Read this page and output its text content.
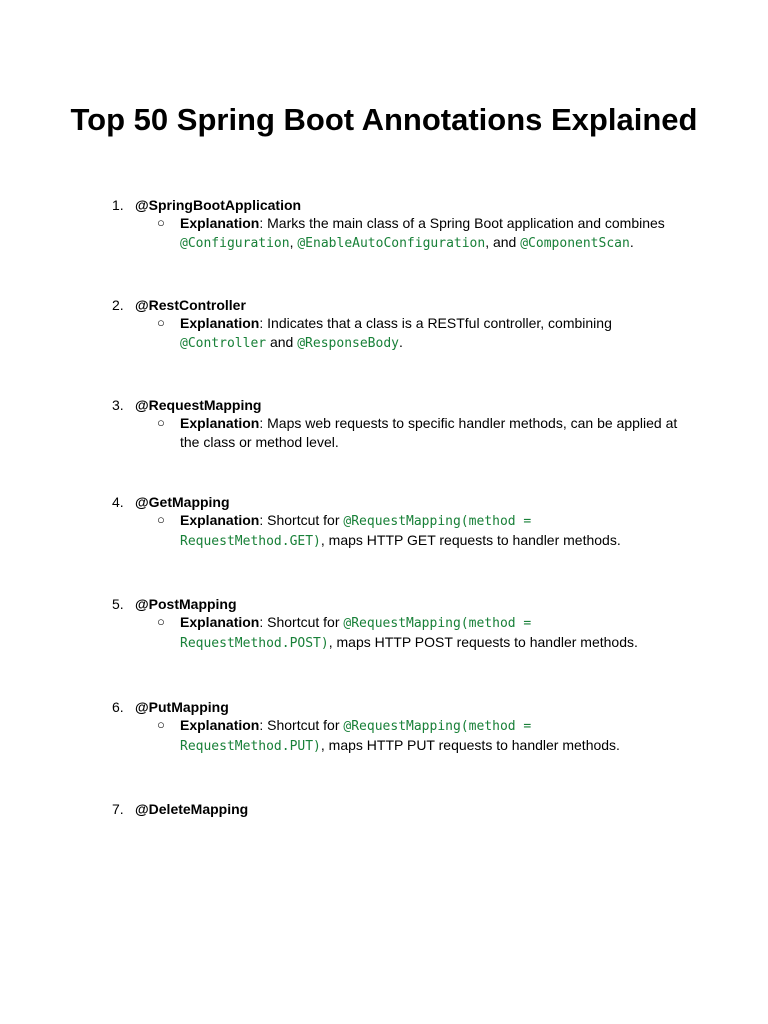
Top 50 Spring Boot Annotations Explained
1. @SpringBootApplication
○ Explanation: Marks the main class of a Spring Boot application and combines @Configuration, @EnableAutoConfiguration, and @ComponentScan.
2. @RestController
○ Explanation: Indicates that a class is a RESTful controller, combining @Controller and @ResponseBody.
3. @RequestMapping
○ Explanation: Maps web requests to specific handler methods, can be applied at the class or method level.
4. @GetMapping
○ Explanation: Shortcut for @RequestMapping(method = RequestMethod.GET), maps HTTP GET requests to handler methods.
5. @PostMapping
○ Explanation: Shortcut for @RequestMapping(method = RequestMethod.POST), maps HTTP POST requests to handler methods.
6. @PutMapping
○ Explanation: Shortcut for @RequestMapping(method = RequestMethod.PUT), maps HTTP PUT requests to handler methods.
7. @DeleteMapping
